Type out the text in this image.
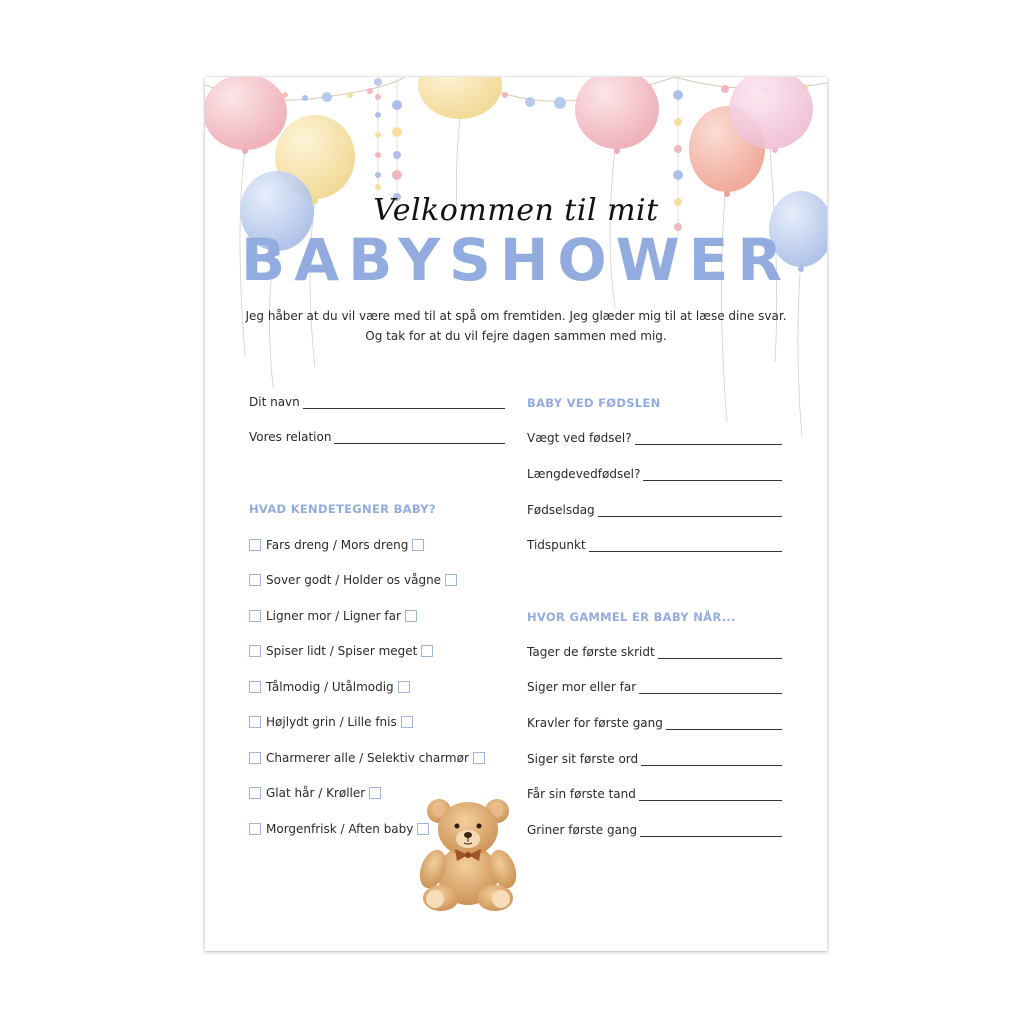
Velkommen til mit
BABYSHOWER
Jeg håber at du vil være med til at spå om fremtiden. Jeg glæder mig til at læse dine svar.
Og tak for at du vil fejre dagen sammen med mig.
Dit navn
Vores relation
HVAD KENDETEGNER BABY?
Fars dreng / Mors dreng
Sover godt / Holder os vågne
Ligner mor / Ligner far
Spiser lidt / Spiser meget
Tålmodig / Utålmodig
Højlydt grin / Lille fnis
Charmerer alle / Selektiv charmør
Glat hår / Krøller
Morgenfrisk / Aften baby
BABY VED FØDSLEN
Vægt ved fødsel?
Længdevedfødsel?
Fødselsdag
Tidspunkt
HVOR GAMMEL ER BABY NÅR...
Tager de første skridt
Siger mor eller far
Kravler for første gang
Siger sit første ord
Får sin første tand
Griner første gang
